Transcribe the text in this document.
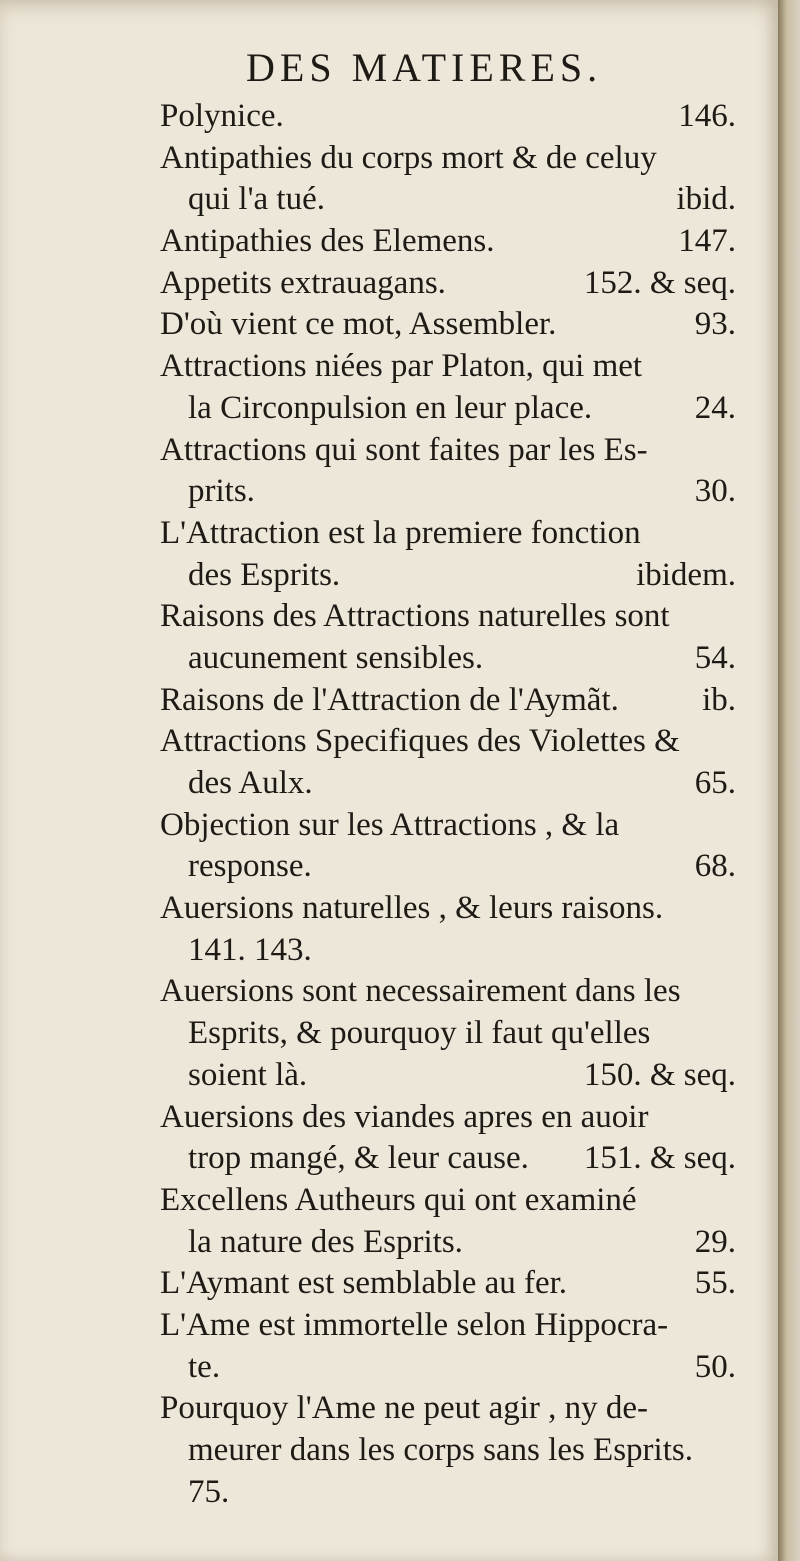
DES MATIERES.
Polynice.	146.
Antipathies du corps mort & de celuy
qui l'a tué.	ibid.
Antipathies des Elemens.	147.
Appetits extrauagans.	152. & seq.
D'où vient ce mot, Assembler.	93.
Attractions niées par Platon, qui met
la Circonpulsion en leur place.	24.
Attractions qui sont faites par les Es-
prits.	30.
L'Attraction est la premiere fonction
des Esprits.	ibidem.
Raisons des Attractions naturelles sont
aucunement sensibles.	54.
Raisons de l'Attraction de l'Aymãt.	ib.
Attractions Specifiques des Violettes &
des Aulx.	65.
Objection sur les Attractions , & la
response.	68.
Auersions naturelles , & leurs raisons.
141. 143.
Auersions sont necessairement dans les
Esprits, & pourquoy il faut qu'elles
soient là.	150. & seq.
Auersions des viandes apres en auoir
trop mangé, & leur cause. 151. & seq.
Excellens Autheurs qui ont examiné
la nature des Esprits.	29.
L'Aymant est semblable au fer.	55.
L'Ame est immortelle selon Hippocra-
te.	50.
Pourquoy l'Ame ne peut agir , ny de-
meurer dans les corps sans les Esprits.
75.
